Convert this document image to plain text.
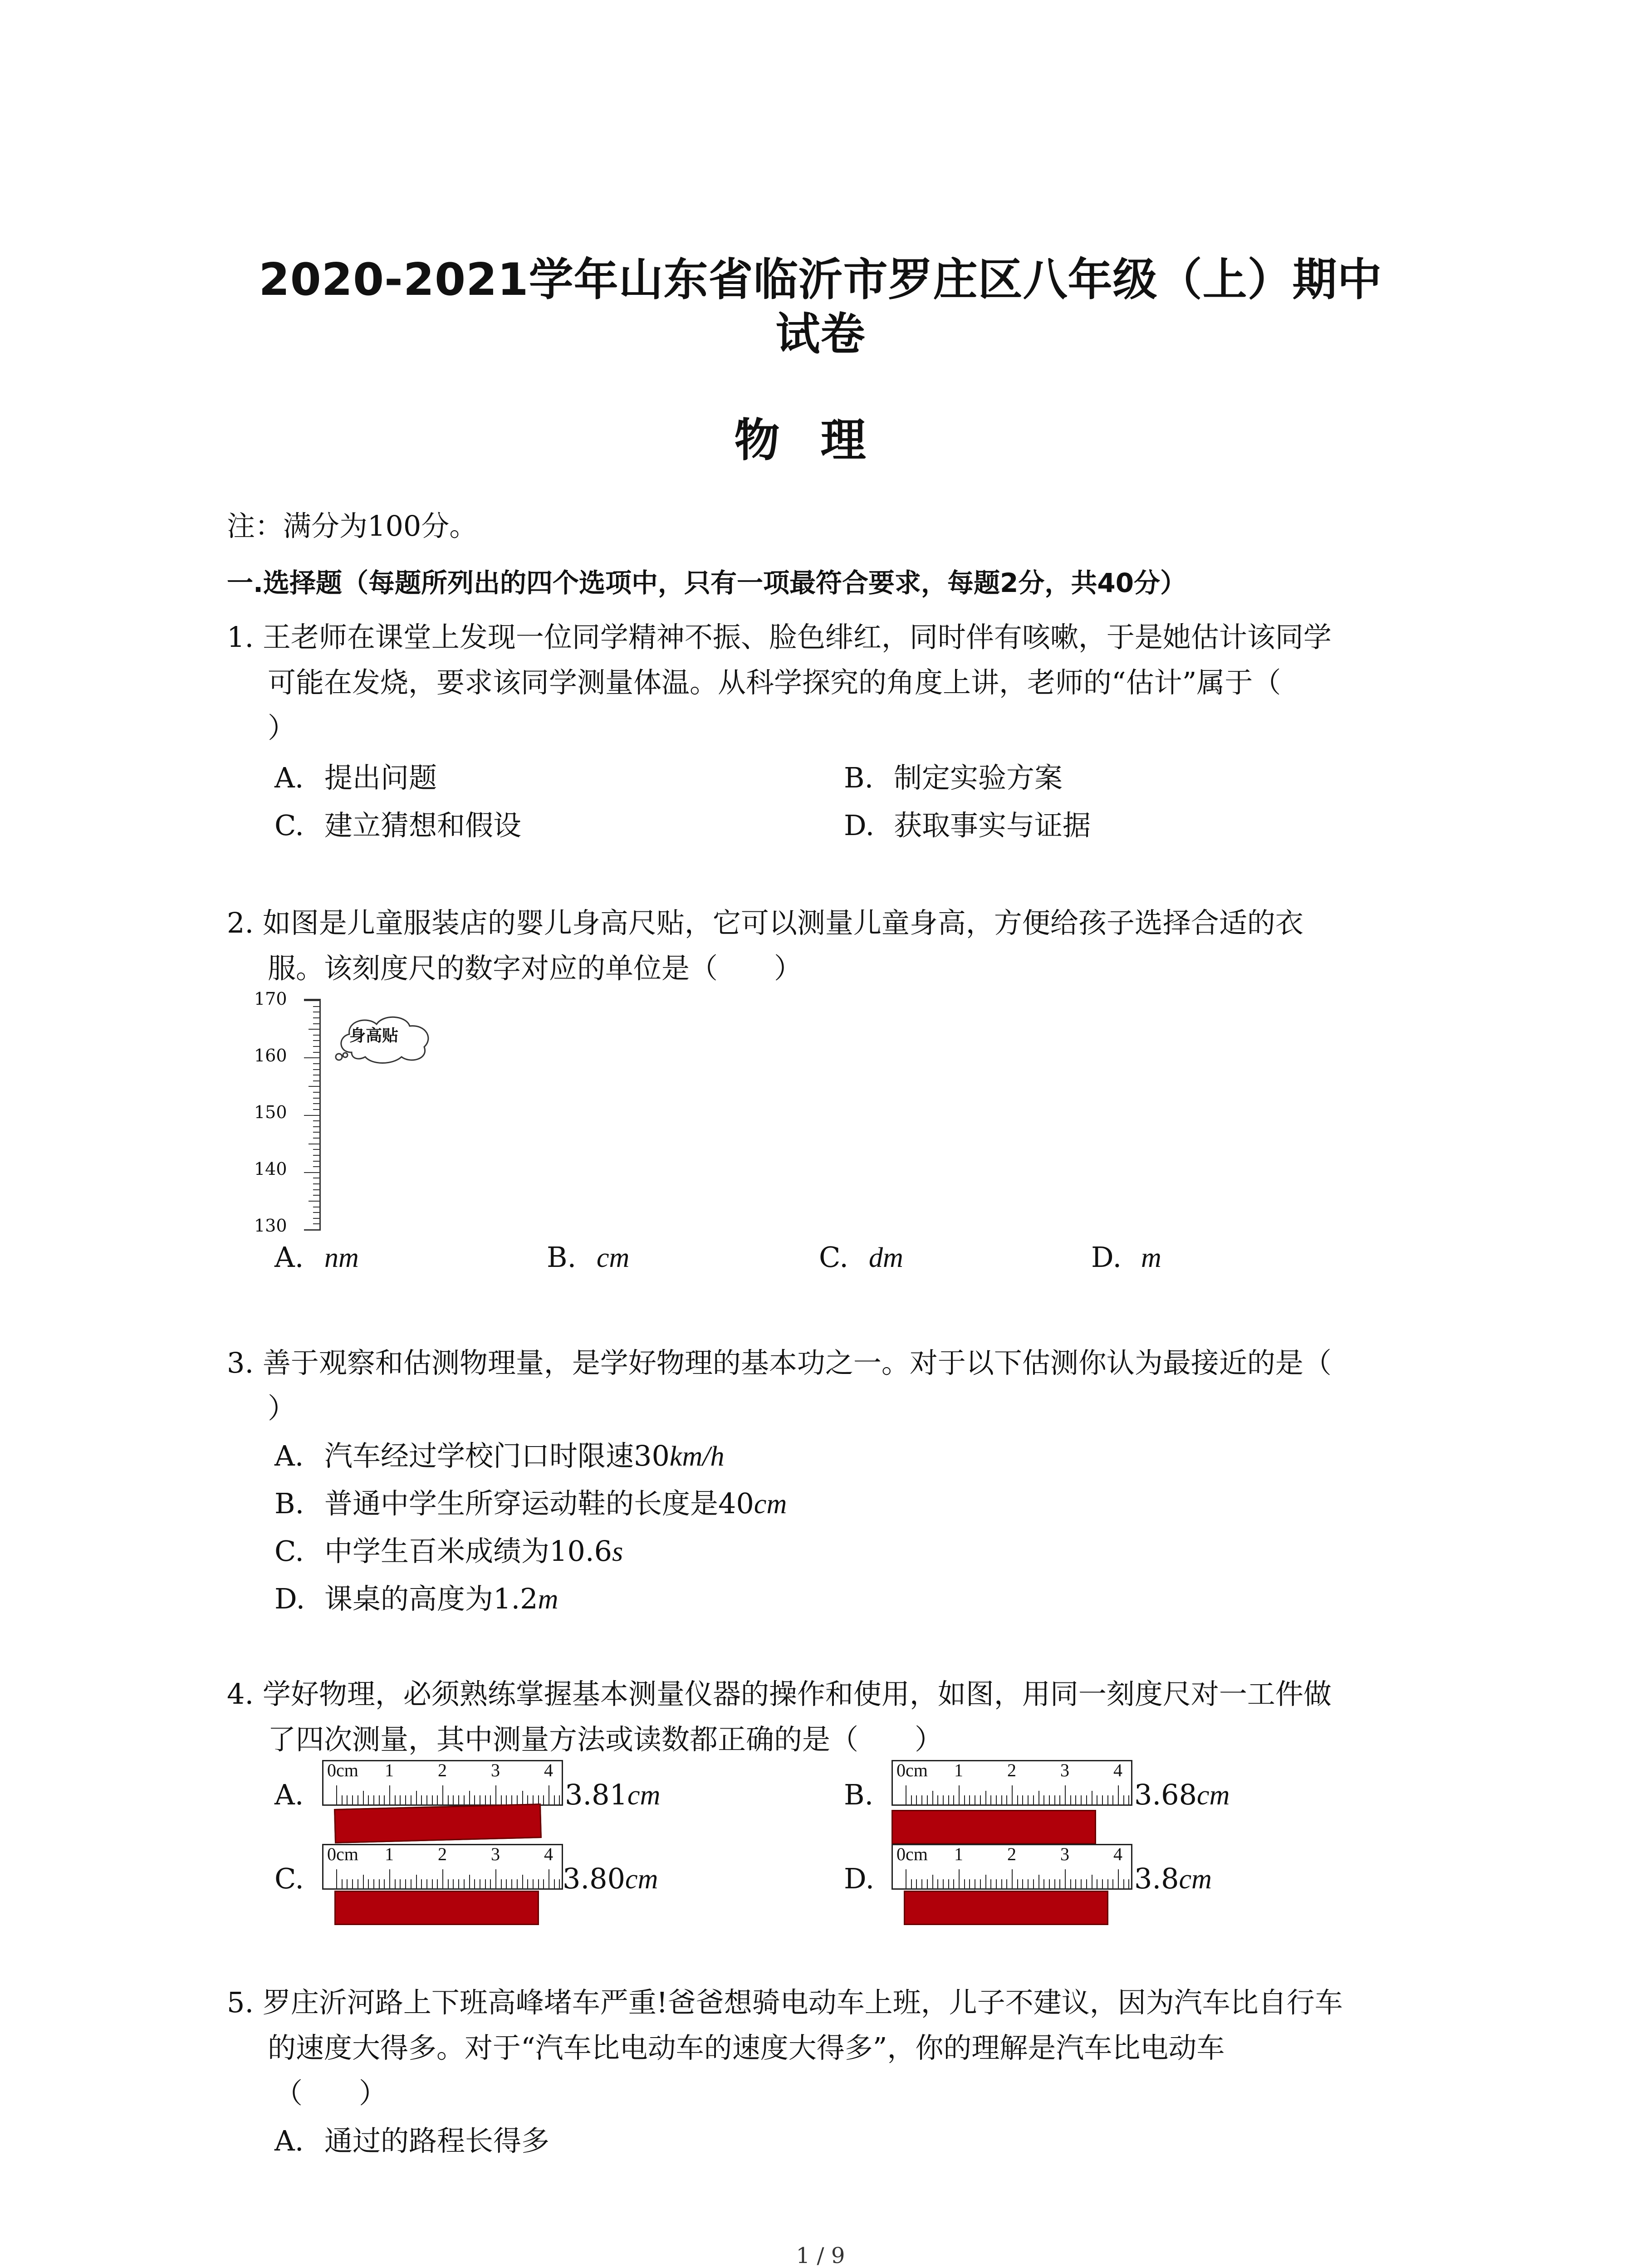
2020-2021学年山东省临沂市罗庄区八年级（上）期中
试卷
物理
注：满分为100分。
一.选择题（每题所列出的四个选项中，只有一项最符合要求，每题2分，共40分）
1. 王老师在课堂上发现一位同学精神不振、脸色绯红，同时伴有咳嗽，于是她估计该同学
可能在发烧，要求该同学测量体温。从科学探究的角度上讲，老师的“估计”属于（
）
A. 提出问题	B. 制定实验方案
C. 建立猜想和假设	D. 获取事实与证据
2. 如图是儿童服装店的婴儿身高尺贴，它可以测量儿童身高，方便给孩子选择合适的衣
服。该刻度尺的数字对应的单位是（　　）
170
160
150
140
130
身高贴
A. nm	B. cm	C. dm	D. m
3. 善于观察和估测物理量，是学好物理的基本功之一。对于以下估测你认为最接近的是（
）
A. 汽车经过学校门口时限速30km/h
B. 普通中学生所穿运动鞋的长度是40cm
C. 中学生百米成绩为10.6s
D. 课桌的高度为1.2m
4. 学好物理，必须熟练掌握基本测量仪器的操作和使用，如图，用同一刻度尺对一工件做
了四次测量，其中测量方法或读数都正确的是（　　）
A.
0cm 1 2 3 4
3.81cm	B.
0cm 1 2 3 4
3.68cm
C.
0cm 1 2 3 4
3.80cm	D.
0cm 1 2 3 4
3.8cm
5. 罗庄沂河路上下班高峰堵车严重!爸爸想骑电动车上班，儿子不建议，因为汽车比自行车
的速度大得多。对于“汽车比电动车的速度大得多”，你的理解是汽车比电动车
（　　）
A. 通过的路程长得多
1 / 9
